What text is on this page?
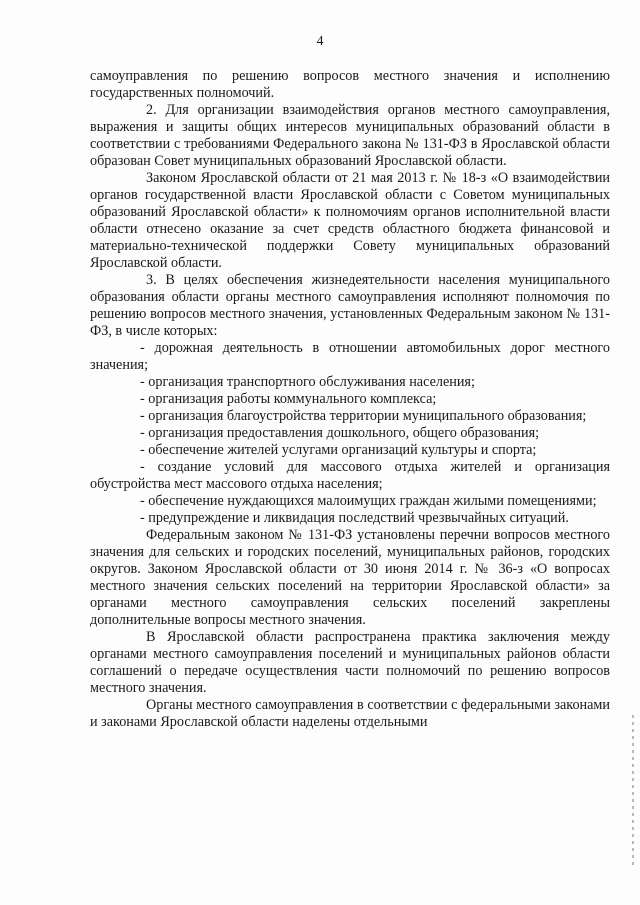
4

самоуправления по решению вопросов местного значения и исполнению государственных полномочий.

2. Для организации взаимодействия органов местного самоуправления, выражения и защиты общих интересов муниципальных образований области в соответствии с требованиями Федерального закона № 131-ФЗ в Ярославской области образован Совет муниципальных образований Ярославской области.

Законом Ярославской области от 21 мая 2013 г. № 18-з «О взаимодействии органов государственной власти Ярославской области с Советом муниципальных образований Ярославской области» к полномочиям органов исполнительной власти области отнесено оказание за счет средств областного бюджета финансовой и материально-технической поддержки Совету муниципальных образований Ярославской области.

3. В целях обеспечения жизнедеятельности населения муниципального образования области органы местного самоуправления исполняют полномочия по решению вопросов местного значения, установленных Федеральным законом № 131-ФЗ, в числе которых:

- дорожная деятельность в отношении автомобильных дорог местного значения;

- организация транспортного обслуживания населения;

- организация работы коммунального комплекса;

- организация благоустройства территории муниципального образования;

- организация предоставления дошкольного, общего образования;

- обеспечение жителей услугами организаций культуры и спорта;

- создание условий для массового отдыха жителей и организация обустройства мест массового отдыха населения;

- обеспечение нуждающихся малоимущих граждан жилыми помещениями;

- предупреждение и ликвидация последствий чрезвычайных ситуаций.

Федеральным законом № 131-ФЗ установлены перечни вопросов местного значения для сельских и городских поселений, муниципальных районов, городских округов. Законом Ярославской области от 30 июня 2014 г. № 36-з «О вопросах местного значения сельских поселений на территории Ярославской области» за органами местного самоуправления сельских поселений закреплены дополнительные вопросы местного значения.

В Ярославской области распространена практика заключения между органами местного самоуправления поселений и муниципальных районов области соглашений о передаче осуществления части полномочий по решению вопросов местного значения.

Органы местного самоуправления в соответствии с федеральными законами и законами Ярославской области наделены отдельными
